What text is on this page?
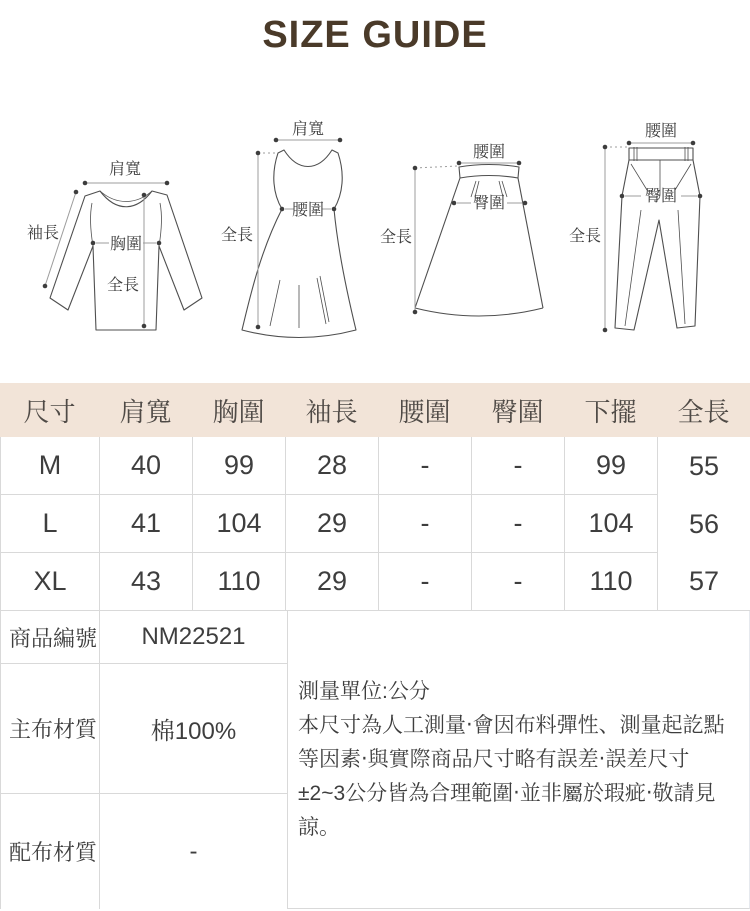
SIZE GUIDE
肩寬
袖長
胸圍
全長
肩寬
腰圍
全長
腰圍
臀圍
全長
腰圍
臀圍
全長
尺寸	肩寬	胸圍	袖長	腰圍	臀圍	下擺	全長
M	40	99	28	-	-	99	55
L	41	104	29	-	-	104	56
XL	43	110	29	-	-	110	57
商品編號	NM22521
測量單位:公分
本尺寸為人工測量‧會因布料彈性、測量起訖點等因素‧與實際商品尺寸略有誤差‧誤差尺寸±2~3公分皆為合理範圍‧並非屬於瑕疵‧敬請見諒。
主布材質	棉100%
配布材質	-
